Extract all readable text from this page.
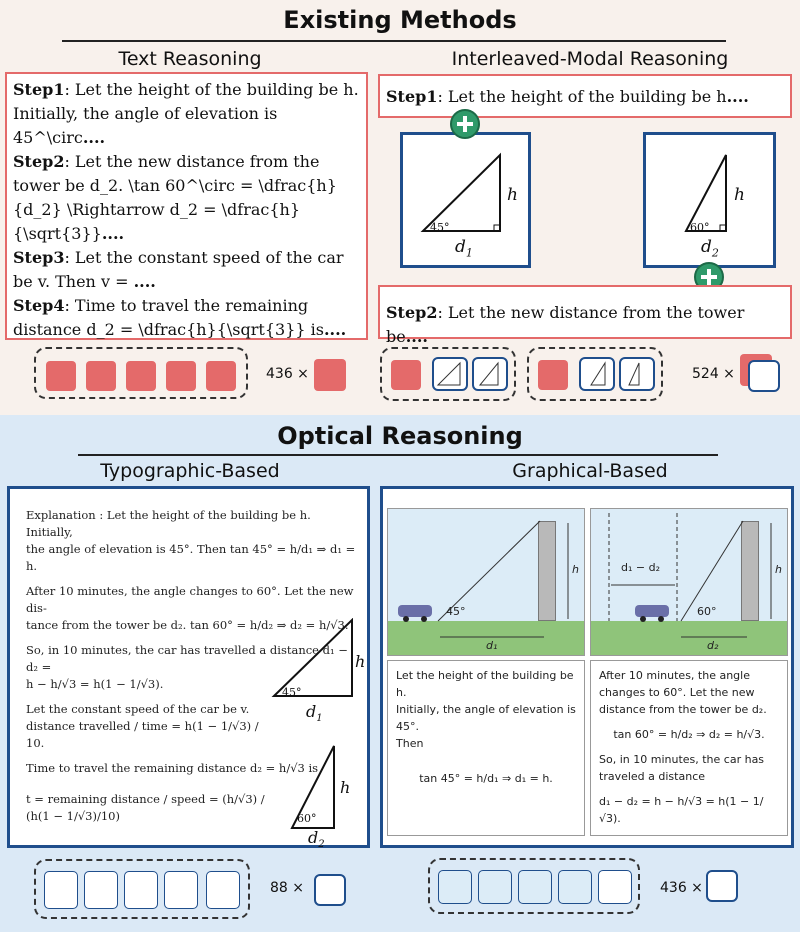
Existing Methods
Text Reasoning	Interleaved-Modal Reasoning
Step1: Let the height of the building be h. Initially, the angle of elevation is 45^\circ....
Step2: Let the new distance from the tower be d_2. \tan 60^\circ = \dfrac{h}{d_2} \Rightarrow d_2 = \dfrac{h}{\sqrt{3}}....
Step3: Let the constant speed of the car be v. Then v = ....
Step4: Time to travel the remaining distance d_2 = \dfrac{h}{\sqrt{3}} is....
436 ×
Step1: Let the height of the building be h....
45°
h
$d_1$
60°
h
$d_2$
Step2: Let the new distance from the tower be....
524 ×
Optical Reasoning
Typographic-Based	Graphical-Based
Explanation : Let the height of the building be h. Initially,
the angle of elevation is 45°. Then tan 45° = h/d₁ ⇒ d₁ = h.
After 10 minutes, the angle changes to 60°. Let the new dis-
tance from the tower be d₂. tan 60° = h/d₂ ⇒ d₂ = h/√3.
So, in 10 minutes, the car has travelled a distance d₁ − d₂ =
h − h/√3 = h(1 − 1/√3).
Let the constant speed of the car be v.
distance travelled / time = h(1 − 1/√3) / 10.
Time to travel the remaining distance d₂ = h/√3 is
t = remaining distance / speed = (h/√3) / (h(1 − 1/√3)/10)
45°
h
$d_1$
60°
h
$d_2$
45°
h
d₁
d₁ − d₂
60°
h
d₂
Let the height of the building be h.
Initially, the angle of elevation is 45°.
Then
tan 45° = h/d₁ ⇒ d₁ = h.
After 10 minutes, the angle
changes to 60°. Let the new
distance from the tower be d₂.
tan 60° = h/d₂ ⇒ d₂ = h/√3.
So, in 10 minutes, the car has
traveled a distance
d₁ − d₂ = h − h/√3 = h(1 − 1/√3).
88 ×	436 ×
